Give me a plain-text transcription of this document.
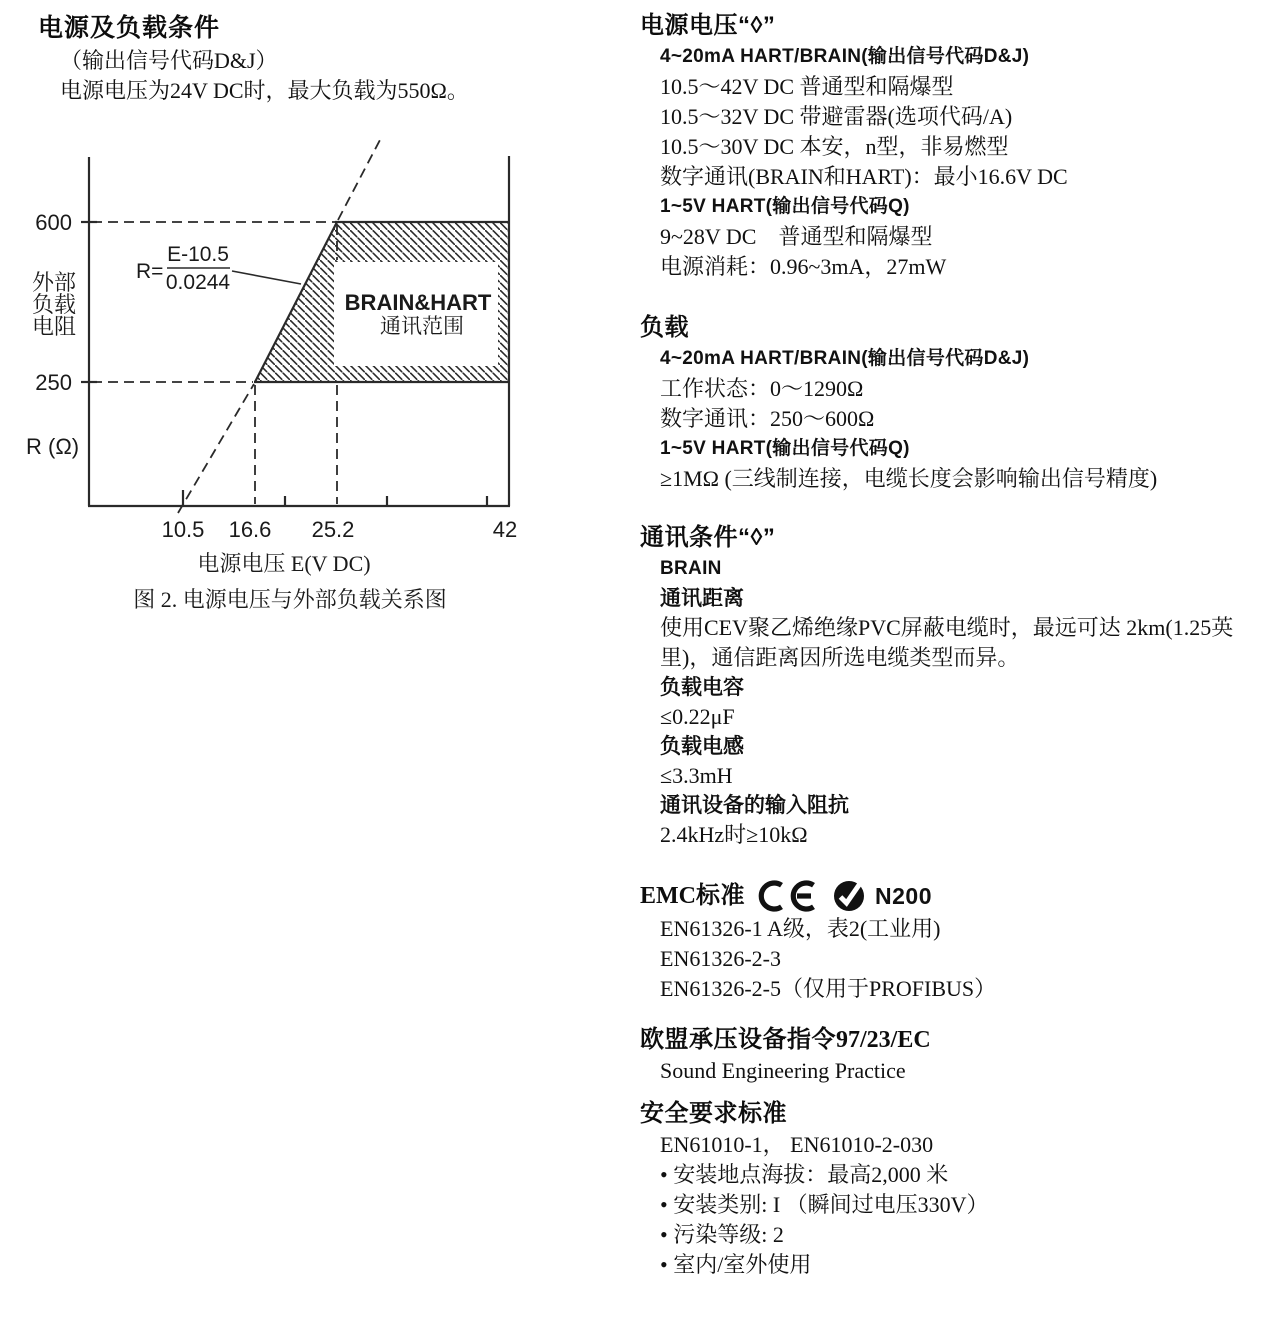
电源及负载条件
（输出信号代码D&J）
电源电压为24V DC时，最大负载为550Ω。
R=
E-10.5
0.0244
BRAIN&HART
通讯范围
600
250
外部
负载
电阻
R (Ω)
10.5 16.6 25.2	42
电源电压 E(V DC)
图 2. 电源电压与外部负载关系图
电源电压“◊”
4~20mA HART/BRAIN(输出信号代码D&J)
10.5～42V DC 普通型和隔爆型
10.5～32V DC 带避雷器(选项代码/A)
10.5～30V DC 本安，n型，非易燃型
数字通讯(BRAIN和HART)：最小16.6V DC
1~5V HART(输出信号代码Q)
9~28V DC　普通型和隔爆型
电源消耗：0.96~3mA，27mW
负载
4~20mA HART/BRAIN(输出信号代码D&J)
工作状态：0～1290Ω
数字通讯：250～600Ω
1~5V HART(输出信号代码Q)
≥1MΩ (三线制连接，电缆长度会影响输出信号精度)
通讯条件“◊”
BRAIN
通讯距离
使用CEV聚乙烯绝缘PVC屏蔽电缆时，最远可达 2km(1.25英里)，通信距离因所选电缆类型而异。
负载电容
≤0.22μF
负载电感
≤3.3mH
通讯设备的输入阻抗
2.4kHz时≥10kΩ
EMC标准	N200
EN61326-1 A级，表2(工业用)
EN61326-2-3
EN61326-2-5（仅用于PROFIBUS）
欧盟承压设备指令97/23/EC
Sound Engineering Practice
安全要求标准
EN61010-1， EN61010-2-030
• 安装地点海拔：最高2,000 米
• 安装类别: I （瞬间过电压330V）
• 污染等级: 2
• 室内/室外使用
